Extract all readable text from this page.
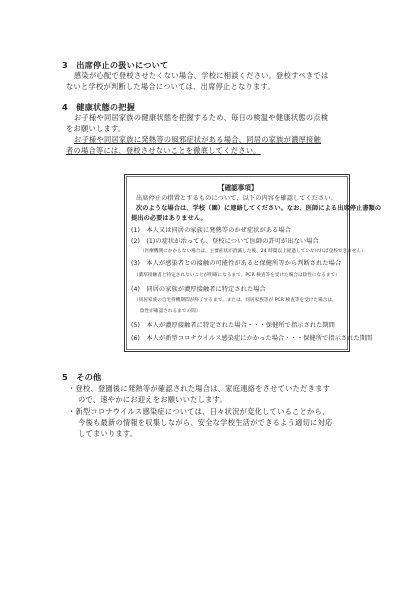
3　出席停止の扱いについて
感染が心配で登校させたくない場合、学校に相談ください。登校すべきでは
ないと学校が判断した場合については、出席停止となります。
4　健康状態の把握
お子様や同居家族の健康状態を把握するため、毎日の検温や健康状態の点検
をお願いします。
お子様や同居家族に発熱等の風邪症状がある場合、同居の家族が濃厚接触
者の場合等には、登校させないことを徹底してください。
【確認事項】
出席停止の措置とするものについて、以下の内容を確認してください。
次のような場合は、学校（園）に連絡してください。なお、医師による出席停止書類の
提出の必要はありません。
(1)　本人又は同居の家族に発熱等のかぜ症状がある場合
(2)　(1)の症状が治っても、登校について医師の許可が出ない場合
（医療機関にかからない場合は、主要症状が消滅した後、24 時間以上経過していなければ登校できません）
(3)　本人が感染者との接触の可能性があると保健所等から判断された場合
（濃厚接触者と特定されないことが明確になるまで。PCR 検査等を受けた場合は陰性になるまで）
(4)　同居の家族が濃厚接触者に特定された場合
（同居家族の自宅待機期間が終了するまで。または、同居家族等が PCR 検査等を受けた場合は、
陰性が確認されるまでの間）
(5)　本人が濃厚接触者に特定された場合・・・保健所で指示された期間
(6)　本人が新型コロナウイルス感染症にかかった場合・・・保健所で指示された期間
5　その他
・登校、登園後に発熱等が確認された場合は、家庭連絡をさせていただきます
ので、速やかにお迎えをお願いいたします。
・新型コロナウイルス感染症については、日々状況が変化していることから、
今後も最新の情報を収集しながら、安全な学校生活ができるよう適切に対応
してまいります。
